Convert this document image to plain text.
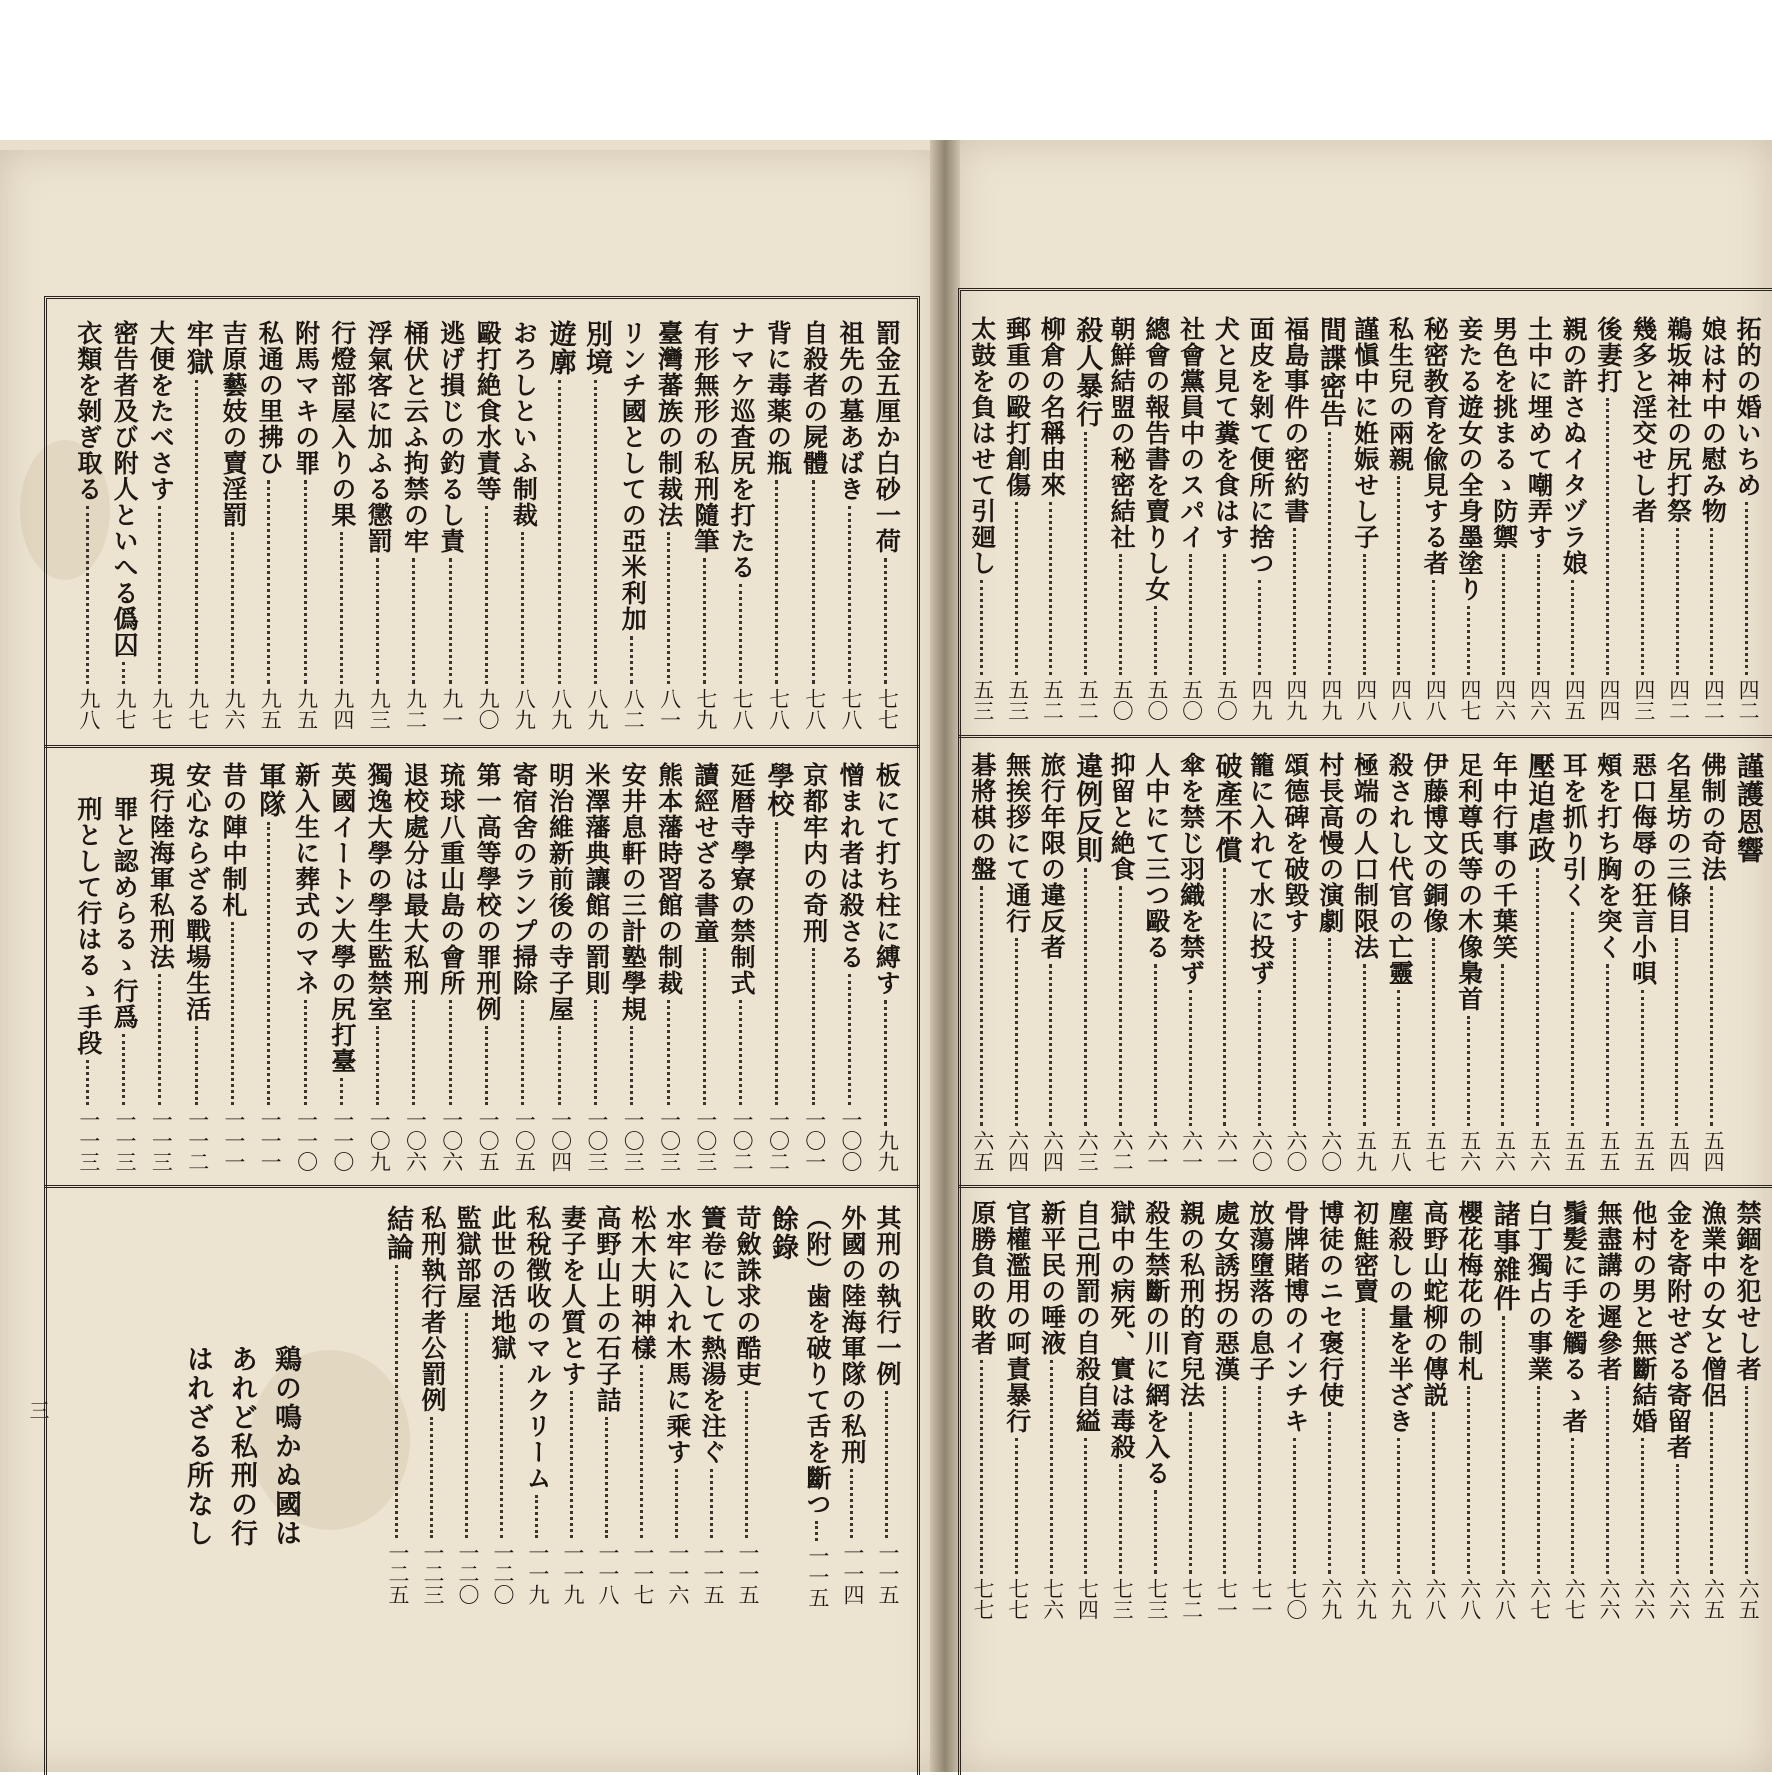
罰金五厘か白砂一荷
七七
祖先の墓あばき
七八
自殺者の屍體
七八
背に毒薬の瓶
七八
ナマケ巡査尻を打たる
七八
有形無形の私刑隨筆
七九
臺灣蕃族の制裁法
八一
リンチ國としての亞米利加
八二
別境
八九
遊廓
八九
おろしといふ制裁
八九
毆打絶食水責等
九〇
逃げ損じの釣るし責
九一
桶伏と云ふ拘禁の牢
九二
浮氣客に加ふる懲罰
九三
行燈部屋入りの果
九四
附馬マキの罪
九五
私通の里拂ひ
九五
吉原藝妓の賣淫罰
九六
牢獄
九七
大便をたべさす
九七
密告者及び附人といへる僞囚
九七
衣類を剝ぎ取る
九八
板にて打ち柱に縛す
九九
憎まれ者は殺さる
一〇〇
京都牢内の奇刑
一〇一
學校
一〇二
延暦寺學寮の禁制式
一〇二
讀經せざる書童
一〇三
熊本藩時習館の制裁
一〇三
安井息軒の三計塾學規
一〇三
米澤藩典讓館の罰則
一〇三
明治維新前後の寺子屋
一〇四
寄宿舍のランプ掃除
一〇五
第一高等學校の罪刑例
一〇五
琉球八重山島の會所
一〇六
退校處分は最大私刑
一〇六
獨逸大學の學生監禁室
一〇九
英國イートン大學の尻打臺
一一〇
新入生に葬式のマネ
一一〇
軍隊
一一一
昔の陣中制札
一一一
安心ならざる戰場生活
一一二
現行陸海軍私刑法
一一三
罪と認めらるゝ行爲
一一三
刑として行はるゝ手段
一一三
其刑の執行一例
一一五
外國の陸海軍隊の私刑
一一四
（附）歯を破りて舌を斷つ
一一五
餘錄
苛斂誅求の酷吏
一一五
簀卷にして熱湯を注ぐ
一一五
水牢に入れ木馬に乘す
一一六
松木大明神樣
一一七
高野山上の石子詰
一一八
妻子を人質とす
一一九
私稅徴收のマルクリーム
一一九
此世の活地獄
一二〇
監獄部屋
一二〇
私刑執行者公罰例
一二三
結論
一二五
鶏の鳴かぬ國は
あれど私刑の行
はれざる所なし
三
拓的の婚いちめ
四二
娘は村中の慰み物
四二
鵜坂神社の尻打祭
四二
幾多と淫交せし者
四三
後妻打
四四
親の許さぬイタヅラ娘
四五
土中に埋めて嘲弄す
四六
男色を挑まるゝ防禦
四六
妾たる遊女の全身墨塗り
四七
秘密教育を偸見する者
四八
私生兒の兩親
四八
謹愼中に姙娠せし子
四八
間諜密告
四九
福島事件の密約書
四九
面皮を剝て便所に捨つ
四九
犬と見て糞を食はす
五〇
社會黨員中のスパイ
五〇
總會の報告書を賣りし女
五〇
朝鮮結盟の秘密結社
五〇
殺人暴行
五二
柳倉の名稱由來
五二
郵重の毆打創傷
五三
太鼓を負はせて引廻し
五三
謹護恩響
佛制の奇法
五四
名星坊の三條目
五四
惡口侮辱の狂言小唄
五五
頰を打ち胸を突く
五五
耳を抓り引く
五五
壓迫虐政
五六
年中行事の千葉笑
五六
足利尊氏等の木像梟首
五六
伊藤博文の銅像
五七
殺されし代官の亡靈
五八
極端の人口制限法
五九
村長高慢の演劇
六〇
頌德碑を破毀す
六〇
籠に入れて水に投ず
六〇
破產不償
六一
傘を禁じ羽織を禁ず
六一
人中にて三つ毆る
六一
抑留と絶食
六二
違例反則
六三
旅行年限の違反者
六四
無挨拶にて通行
六四
碁將棋の盤
六五
禁錮を犯せし者
六五
漁業中の女と僧侶
六五
金を寄附せざる寄留者
六六
他村の男と無斷結婚
六六
無盡講の遲參者
六六
鬚髪に手を觸るゝ者
六七
白丁獨占の事業
六七
諸事雜件
六八
櫻花梅花の制札
六八
高野山蛇柳の傳説
六八
塵殺しの量を半ざき
六九
初鮭密賣
六九
博徒のニセ褒行使
六九
骨牌賭博のインチキ
七〇
放蕩墮落の息子
七一
處女誘拐の惡漢
七一
親の私刑的育兒法
七二
殺生禁斷の川に網を入る
七三
獄中の病死、實は毒殺
七三
自己刑罰の自殺自縊
七四
新平民の唾液
七六
官權濫用の呵責暴行
七七
原勝負の敗者
七七
